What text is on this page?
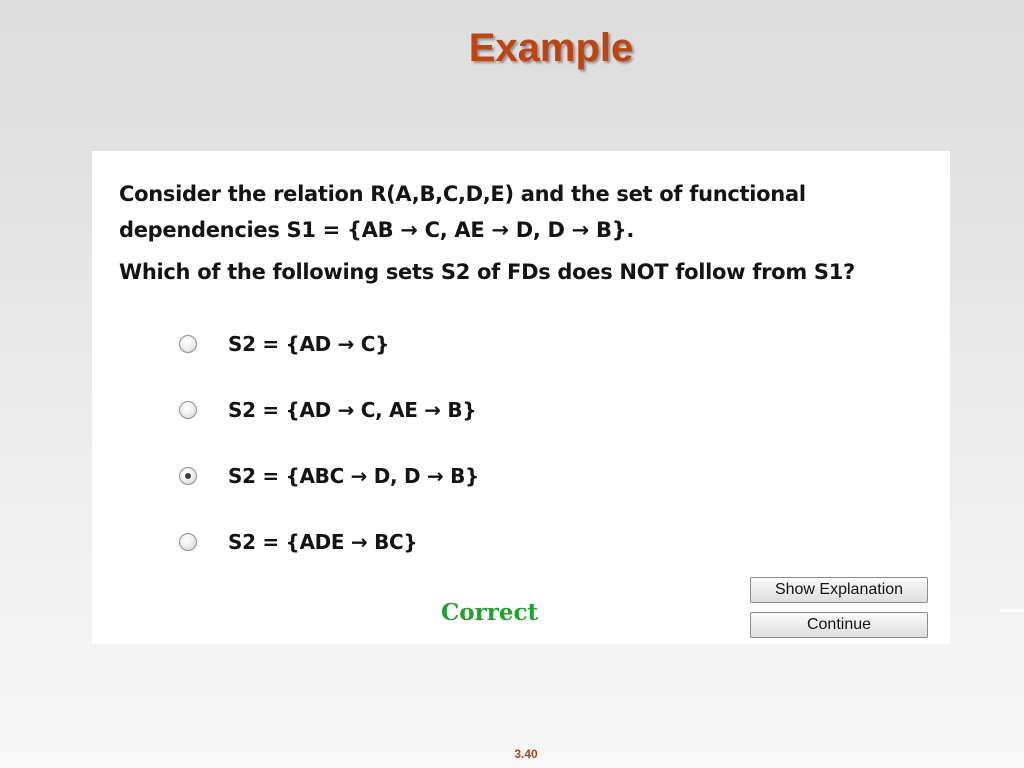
Example
Consider the relation R(A,B,C,D,E) and the set of functional
dependencies S1 = {AB → C, AE → D, D → B}.
Which of the following sets S2 of FDs does NOT follow from S1?
S2 = {AD → C}
S2 = {AD → C, AE → B}
S2 = {ABC → D, D → B}
S2 = {ADE → BC}
Correct
Show Explanation
Continue
3.40
